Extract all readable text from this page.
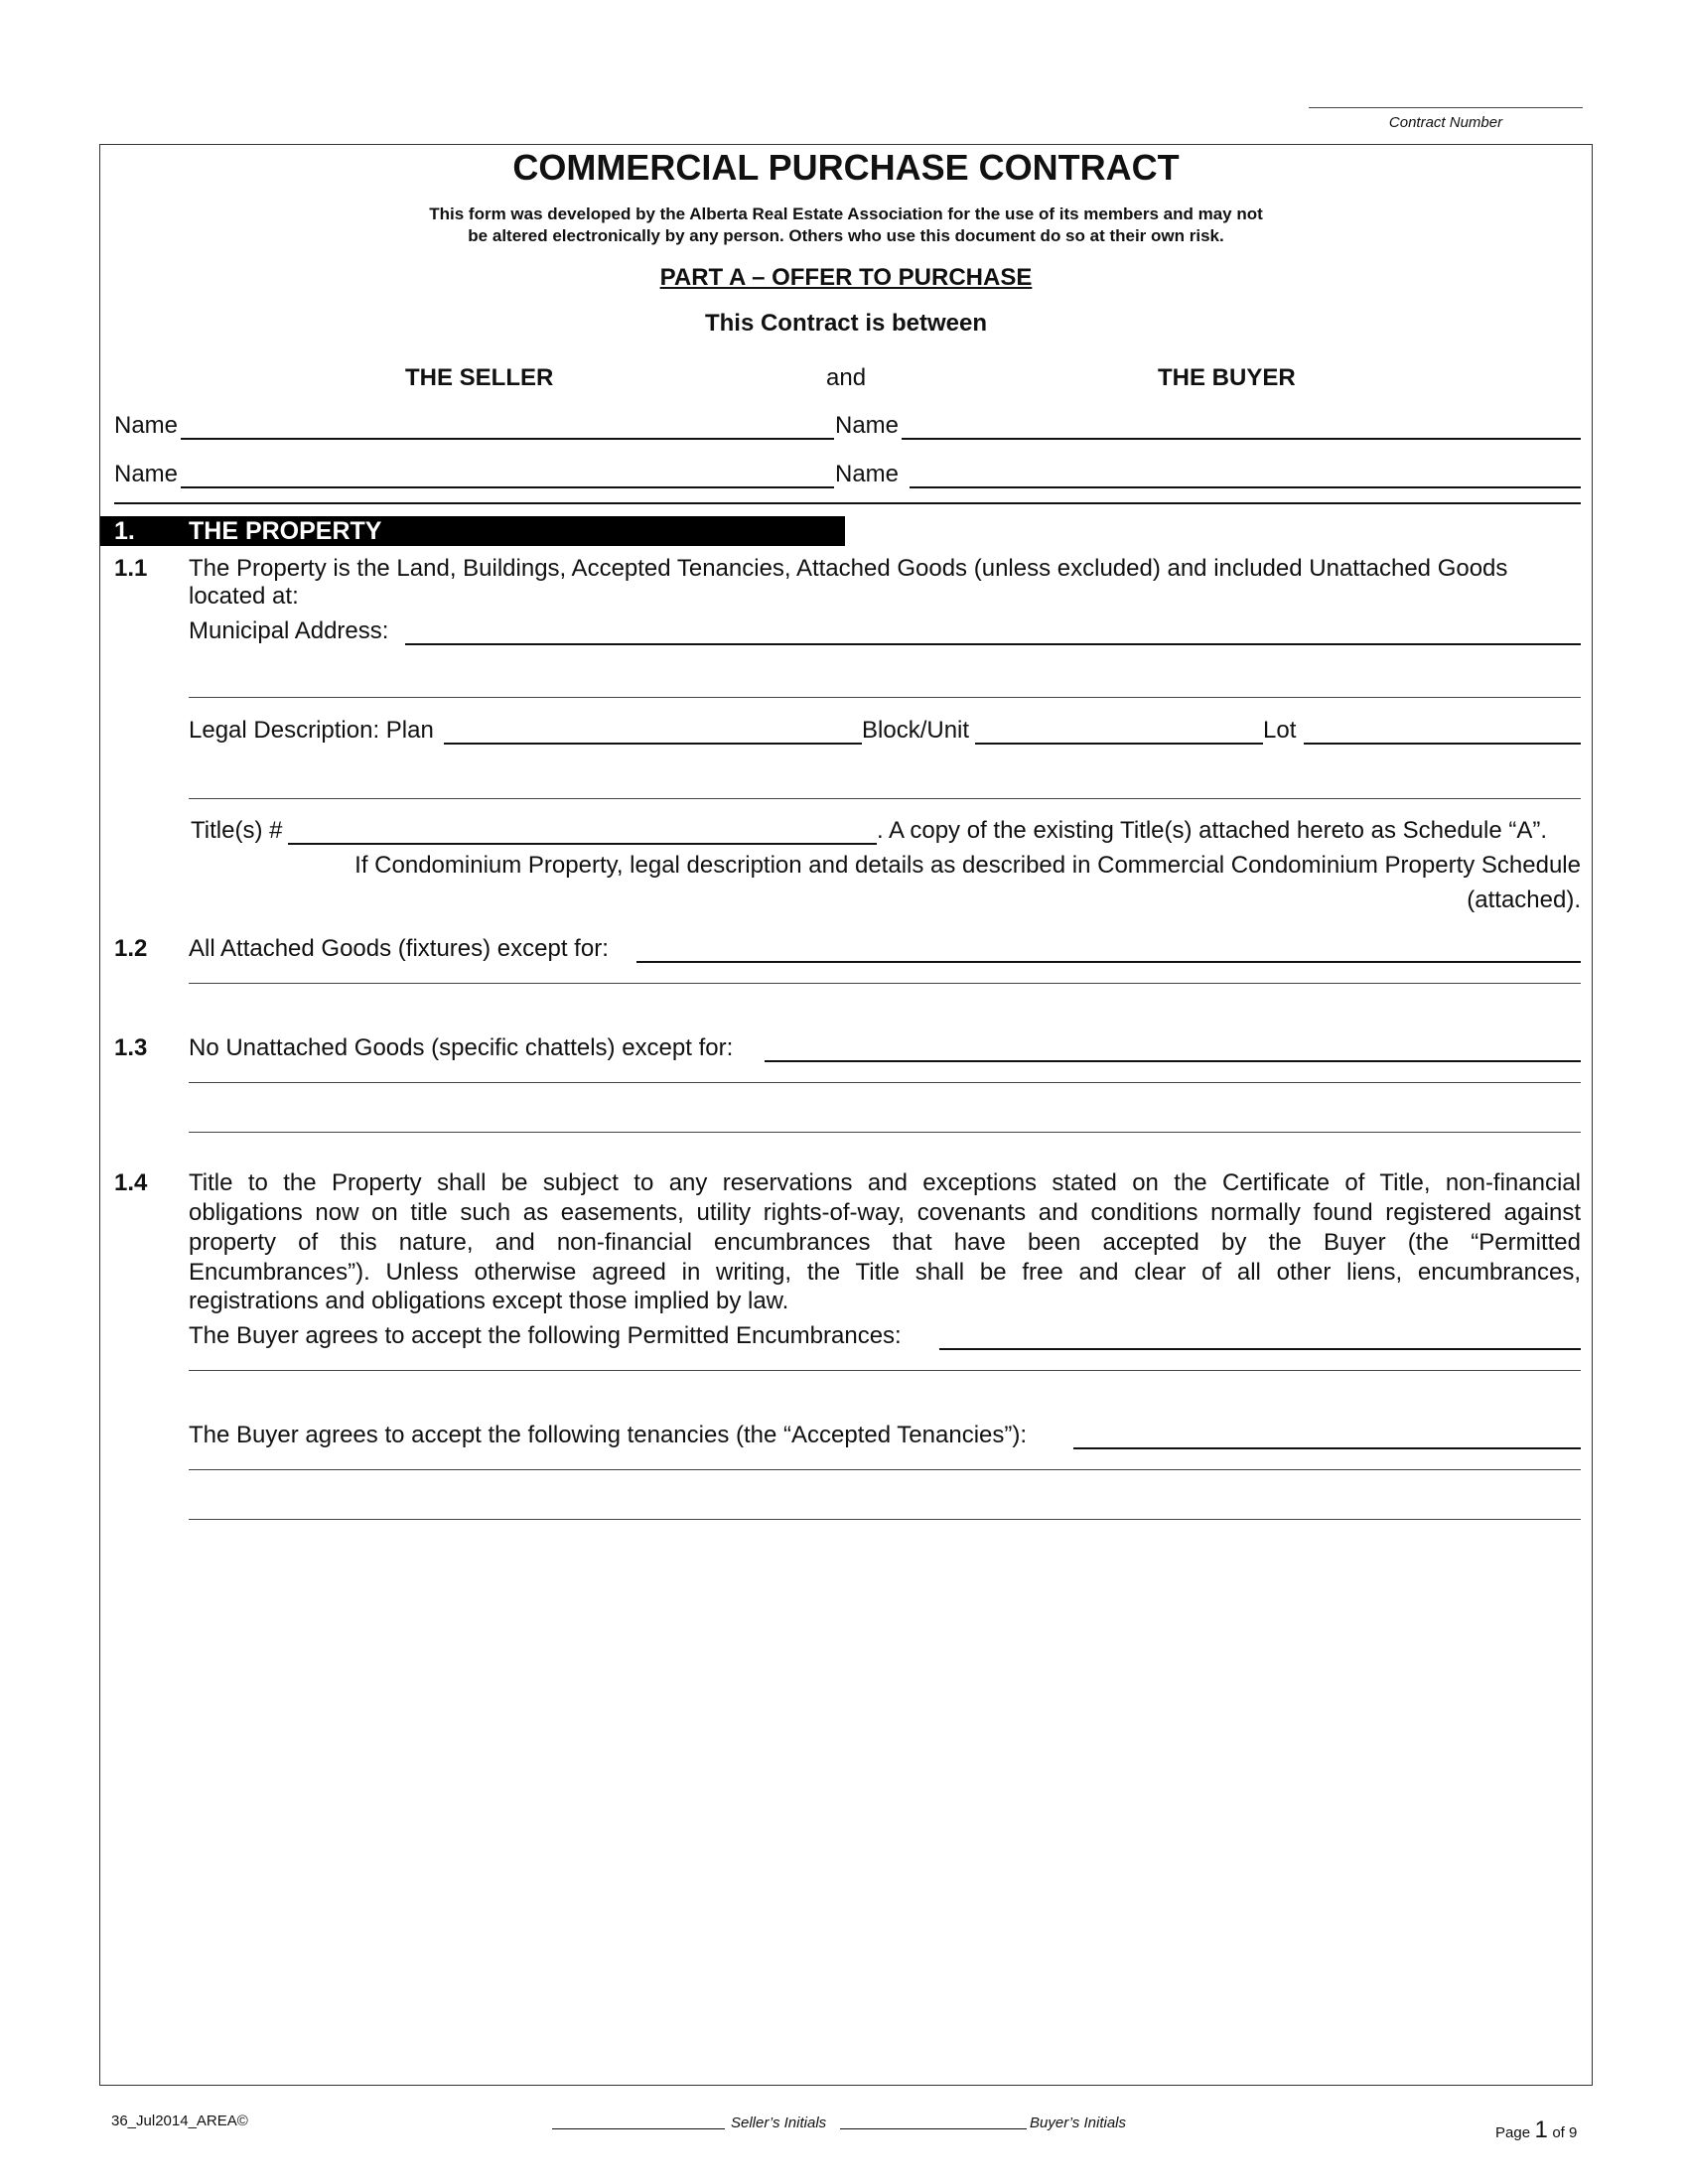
Contract Number
COMMERCIAL PURCHASE CONTRACT
This form was developed by the Alberta Real Estate Association for the use of its members and may not
be altered electronically by any person. Others who use this document do so at their own risk.
PART A – OFFER TO PURCHASE
This Contract is between
THE SELLER	and	THE BUYER
Name	Name
Name	Name
1. THE PROPERTY
1.1 The Property is the Land, Buildings, Accepted Tenancies, Attached Goods (unless excluded) and included Unattached Goods
located at:
Municipal Address:
Legal Description: Plan	Block/Unit	Lot
Title(s) #	. A copy of the existing Title(s) attached hereto as Schedule “A”.
If Condominium Property, legal description and details as described in Commercial Condominium Property Schedule
(attached).
1.2 All Attached Goods (fixtures) except for:
1.3 No Unattached Goods (specific chattels) except for:
1.4 Title to the Property shall be subject to any reservations and exceptions stated on the Certificate of Title, non-financial
obligations now on title such as easements, utility rights-of-way, covenants and conditions normally found registered against
property of this nature, and non-financial encumbrances that have been accepted by the Buyer (the “Permitted
Encumbrances”). Unless otherwise agreed in writing, the Title shall be free and clear of all other liens, encumbrances,
registrations and obligations except those implied by law.
The Buyer agrees to accept the following Permitted Encumbrances:
The Buyer agrees to accept the following tenancies (the “Accepted Tenancies”):
36_Jul2014_AREA©	Seller’s Initials	Buyer’s Initials
Page 1 of 9
